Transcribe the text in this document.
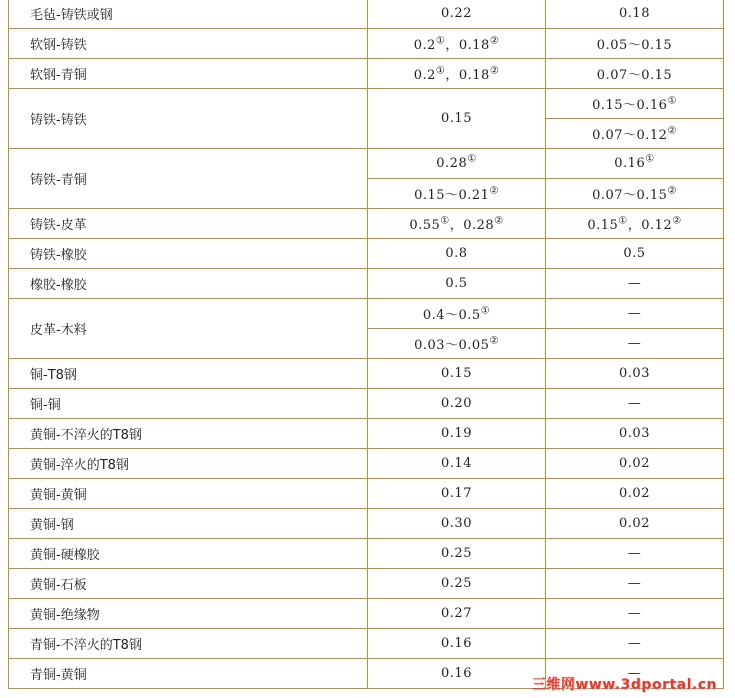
毛毡-铸铁或钢	0.22	0.18
软钢-铸铁	0.2①，0.18②	0.05～0.15
软钢-青铜	0.2①，0.18②	0.07～0.15
铸铁-铸铁	0.15	0.15～0.16①
		0.07～0.12②
铸铁-青铜	0.28①	0.16①
	0.15～0.21②	0.07～0.15②
铸铁-皮革	0.55①，0.28②	0.15①，0.12②
铸铁-橡胶	0.8	0.5
橡胶-橡胶	0.5	—
皮革-木料	0.4～0.5①	—
	0.03～0.05②	—
铜-T8钢	0.15	0.03
铜-铜	0.20	—
黄铜-不淬火的T8钢	0.19	0.03
黄铜-淬火的T8钢	0.14	0.02
黄铜-黄铜	0.17	0.02
黄铜-钢	0.30	0.02
黄铜-硬橡胶	0.25	—
黄铜-石板	0.25	—
黄铜-绝缘物	0.27	—
青铜-不淬火的T8钢	0.16	—
青铜-黄铜	0.16	—
三维网www.3dportal.cn
